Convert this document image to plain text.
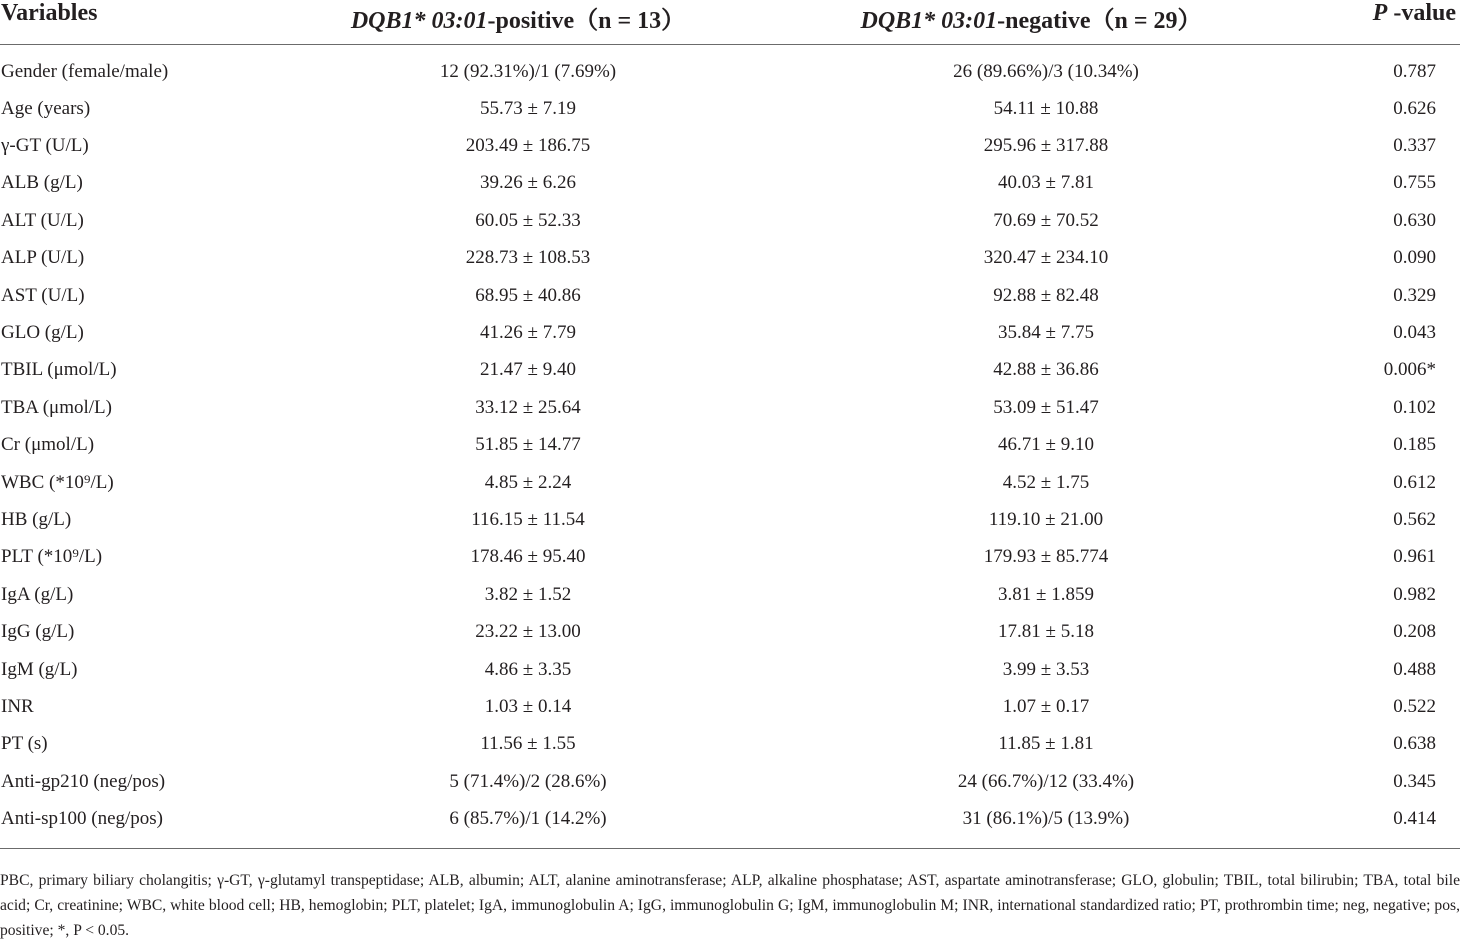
Variables	DQB1* 03:01-positive（n = 13）	DQB1* 03:01-negative（n = 29）	P -value
Gender (female/male)	12 (92.31%)/1 (7.69%)	26 (89.66%)/3 (10.34%)	0.787
Age (years)	55.73 ± 7.19	54.11 ± 10.88	0.626
γ-GT (U/L)	203.49 ± 186.75	295.96 ± 317.88	0.337
ALB (g/L)	39.26 ± 6.26	40.03 ± 7.81	0.755
ALT (U/L)	60.05 ± 52.33	70.69 ± 70.52	0.630
ALP (U/L)	228.73 ± 108.53	320.47 ± 234.10	0.090
AST (U/L)	68.95 ± 40.86	92.88 ± 82.48	0.329
GLO (g/L)	41.26 ± 7.79	35.84 ± 7.75	0.043
TBIL (μmol/L)	21.47 ± 9.40	42.88 ± 36.86	0.006*
TBA (μmol/L)	33.12 ± 25.64	53.09 ± 51.47	0.102
Cr (μmol/L)	51.85 ± 14.77	46.71 ± 9.10	0.185
WBC (*10⁹/L)	4.85 ± 2.24	4.52 ± 1.75	0.612
HB (g/L)	116.15 ± 11.54	119.10 ± 21.00	0.562
PLT (*10⁹/L)	178.46 ± 95.40	179.93 ± 85.774	0.961
IgA (g/L)	3.82 ± 1.52	3.81 ± 1.859	0.982
IgG (g/L)	23.22 ± 13.00	17.81 ± 5.18	0.208
IgM (g/L)	4.86 ± 3.35	3.99 ± 3.53	0.488
INR	1.03 ± 0.14	1.07 ± 0.17	0.522
PT (s)	11.56 ± 1.55	11.85 ± 1.81	0.638
Anti-gp210 (neg/pos)	5 (71.4%)/2 (28.6%)	24 (66.7%)/12 (33.4%)	0.345
Anti-sp100 (neg/pos)	6 (85.7%)/1 (14.2%)	31 (86.1%)/5 (13.9%)	0.414
PBC, primary biliary cholangitis; γ-GT, γ-glutamyl transpeptidase; ALB, albumin; ALT, alanine aminotransferase; ALP, alkaline phosphatase; AST, aspartate aminotransferase; GLO, globulin; TBIL, total bilirubin; TBA, total bile acid; Cr, creatinine; WBC, white blood cell; HB, hemoglobin; PLT, platelet; IgA, immunoglobulin A; IgG, immunoglobulin G; IgM, immunoglobulin M; INR, international standardized ratio; PT, prothrombin time; neg, negative; pos, positive; *, P < 0.05.
